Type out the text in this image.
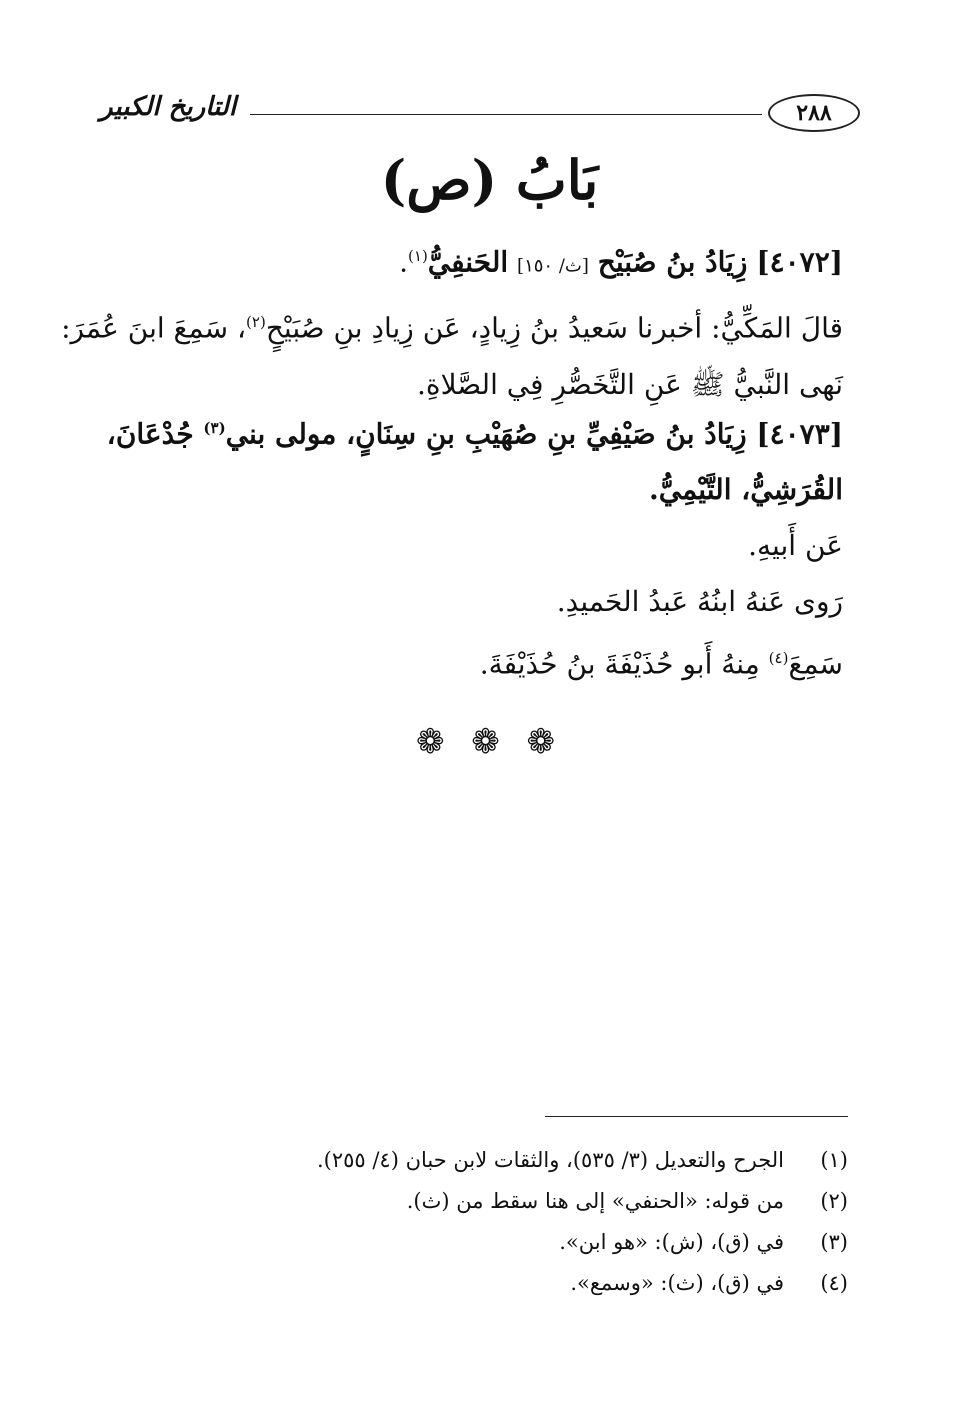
٢٨٨
التاريخ الكبير
بَابُ (ص)
[٤٠٧٢] زِيَادُ بنُ صُبَيْح [ث/ ١٥٠] الحَنفِيُّ$^{(١)}$.
قالَ المَكِّيُّ: أخبرنا سَعيدُ بنُ زِيادٍ، عَن زِيادِ بنِ صُبَيْحٍ$^{(٢)}$، سَمِعَ ابنَ عُمَرَ:
نَهى النَّبيُّ ﷺ عَنِ التَّخَصُّرِ فِي الصَّلاةِ.
[٤٠٧٣] زِيَادُ بنُ صَيْفِيِّ بنِ صُهَيْبِ بنِ سِنَانٍ، مولى بني$^{(٣)}$ جُدْعَانَ،
القُرَشِيُّ، التَّيْمِيُّ.
عَن أَبيهِ.
رَوى عَنهُ ابنُهُ عَبدُ الحَميدِ.
سَمِعَ$^{(٤)}$ مِنهُ أَبو حُذَيْفَةَ بنُ حُذَيْفَةَ.
❁ ❁ ❁
(١)الجرح والتعديل (٣/ ٥٣٥)، والثقات لابن حبان (٤/ ٢٥٥).
(٢)من قوله: «الحنفي» إلى هنا سقط من (ث).
(٣)في (ق)، (ش): «هو ابن».
(٤)في (ق)، (ث): «وسمع».
